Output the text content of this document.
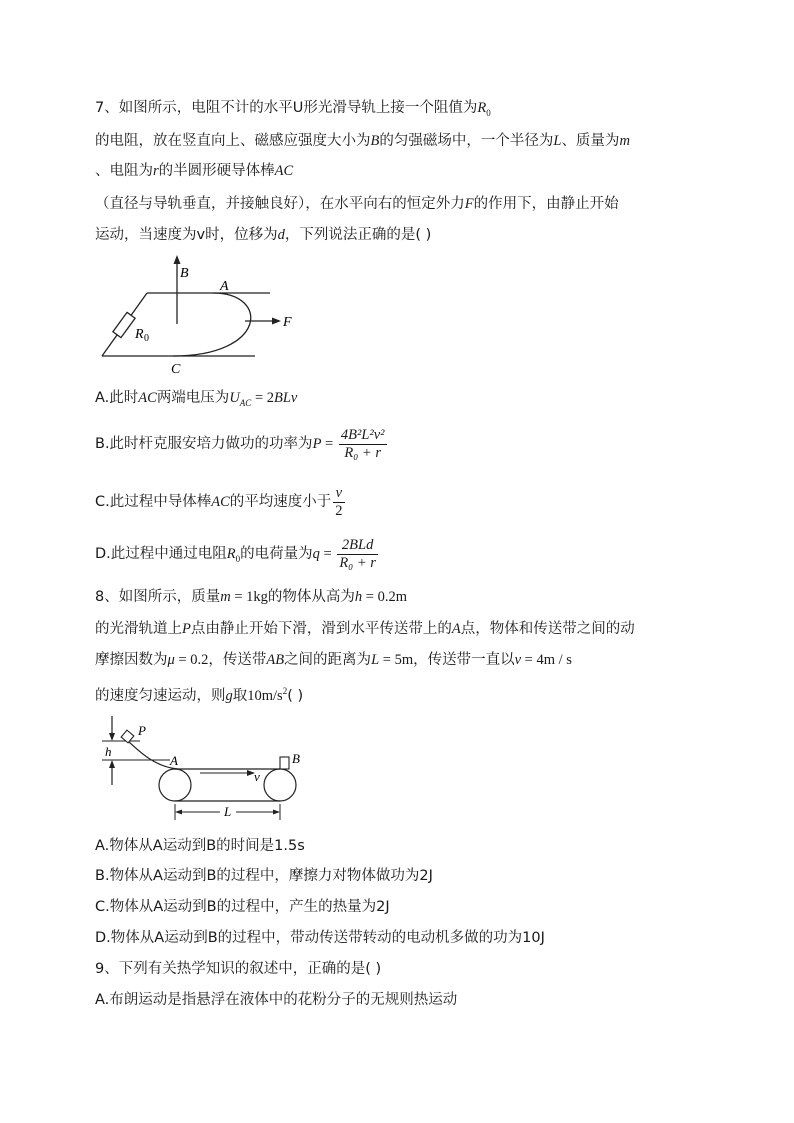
7、如图所示，电阻不计的水平U形光滑导轨上接一个阻值为$R_0$
的电阻，放在竖直向上、磁感应强度大小为B的匀强磁场中，一个半径为L、质量为m
、电阻为r的半圆形硬导体棒AC
（直径与导轨垂直，并接触良好），在水平向右的恒定外力F的作用下，由静止开始
运动，当速度为v时，位移为d，下列说法正确的是( )
B
A
F
R 0
C
A.此时AC两端电压为$U_{AC} = 2BLv$
B.此时杆克服安培力做功的功率为$P = \frac{\text{4B²L²v²}}{\text{R₀ + r}}$
C.此过程中导体棒AC的平均速度小于 $\frac{v}{2}$
D.此过程中通过电阻$R_0$的电荷量为$q = \frac{\text{2BLd}}{\text{R₀ + r}}$
8、如图所示，质量m = 1kg的物体从高为h = 0.2m
的光滑轨道上P点由静止开始下滑，滑到水平传送带上的A点，物体和传送带之间的动
摩擦因数为μ = 0.2，传送带AB之间的距离为L = 5m，传送带一直以v = 4m / s
的速度匀速运动，则g取$10m/s^2$( )
P
h
A	B
v
L
A.物体从A运动到B的时间是1.5s
B.物体从A运动到B的过程中，摩擦力对物体做功为2J
C.物体从A运动到B的过程中，产生的热量为2J
D.物体从A运动到B的过程中，带动传送带转动的电动机多做的功为10J
9、下列有关热学知识的叙述中，正确的是( )
A.布朗运动是指悬浮在液体中的花粉分子的无规则热运动
